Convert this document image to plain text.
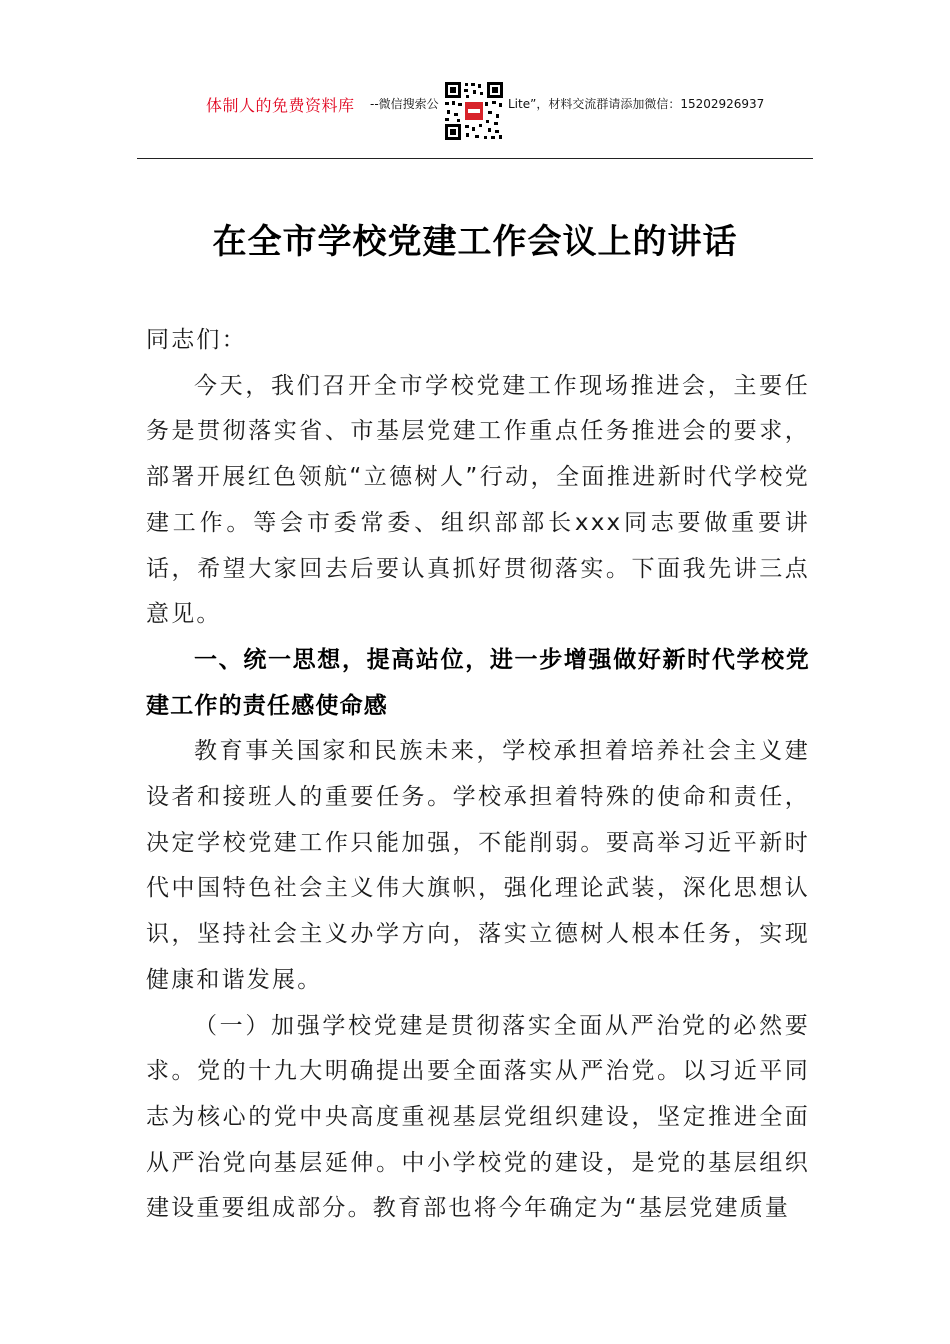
体制人的免费资料库 --微信搜索公	Lite”，材料交流群请添加微信：15202926937
在全市学校党建工作会议上的讲话

同志们：

今天，我们召开全市学校党建工作现场推进会，主要任务是贯彻落实省、市基层党建工作重点任务推进会的要求，部署开展红色领航“立德树人”行动，全面推进新时代学校党建工作。等会市委常委、组织部部长xxx同志要做重要讲话，希望大家回去后要认真抓好贯彻落实。下面我先讲三点意见。

一、统一思想，提高站位，进一步增强做好新时代学校党建工作的责任感使命感

教育事关国家和民族未来，学校承担着培养社会主义建设者和接班人的重要任务。学校承担着特殊的使命和责任，决定学校党建工作只能加强，不能削弱。要高举习近平新时代中国特色社会主义伟大旗帜，强化理论武装，深化思想认识，坚持社会主义办学方向，落实立德树人根本任务，实现健康和谐发展。

（一）加强学校党建是贯彻落实全面从严治党的必然要求。党的十九大明确提出要全面落实从严治党。以习近平同志为核心的党中央高度重视基层党组织建设，坚定推进全面从严治党向基层延伸。中小学校党的建设，是党的基层组织建设重要组成部分。教育部也将今年确定为“基层党建质量
